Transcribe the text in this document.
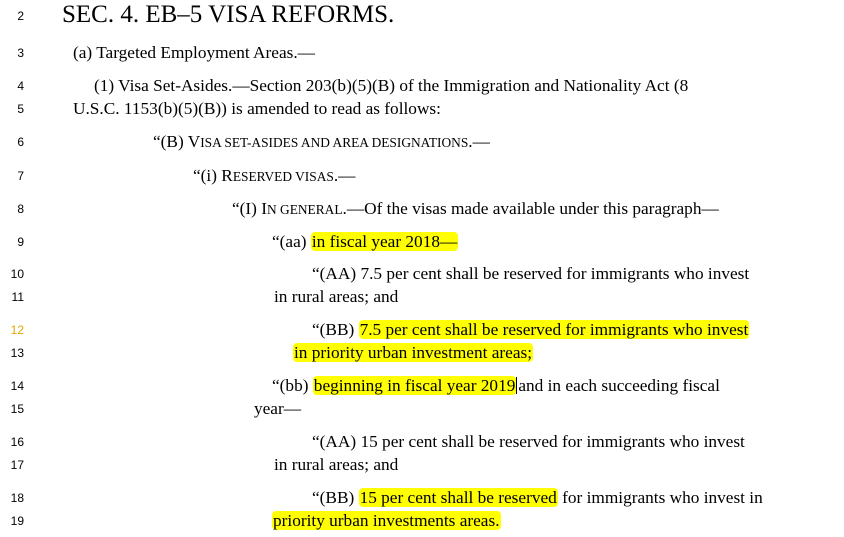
2
3
4
5
6
7
8
9
10
11
12
13
14
15
16
17
18
19
SEC. 4. EB–5 VISA REFORMS.
(a) Targeted Employment Areas.—
(1) Visa Set-Asides.—Section 203(b)(5)(B) of the Immigration and Nationality Act (8
U.S.C. 1153(b)(5)(B)) is amended to read as follows:
“(B) VISA SET-ASIDES AND AREA DESIGNATIONS.—
“(i) RESERVED VISAS.—
“(I) IN GENERAL.—Of the visas made available under this paragraph—
“(aa) in fiscal year 2018—
“(AA) 7.5 per cent shall be reserved for immigrants who invest
in rural areas; and
“(BB) 7.5 per cent shall be reserved for immigrants who invest
in priority urban investment areas;
“(bb) beginning in fiscal year 2019 and in each succeeding fiscal
year—
“(AA) 15 per cent shall be reserved for immigrants who invest
in rural areas; and
“(BB) 15 per cent shall be reserved for immigrants who invest in
priority urban investments areas.
